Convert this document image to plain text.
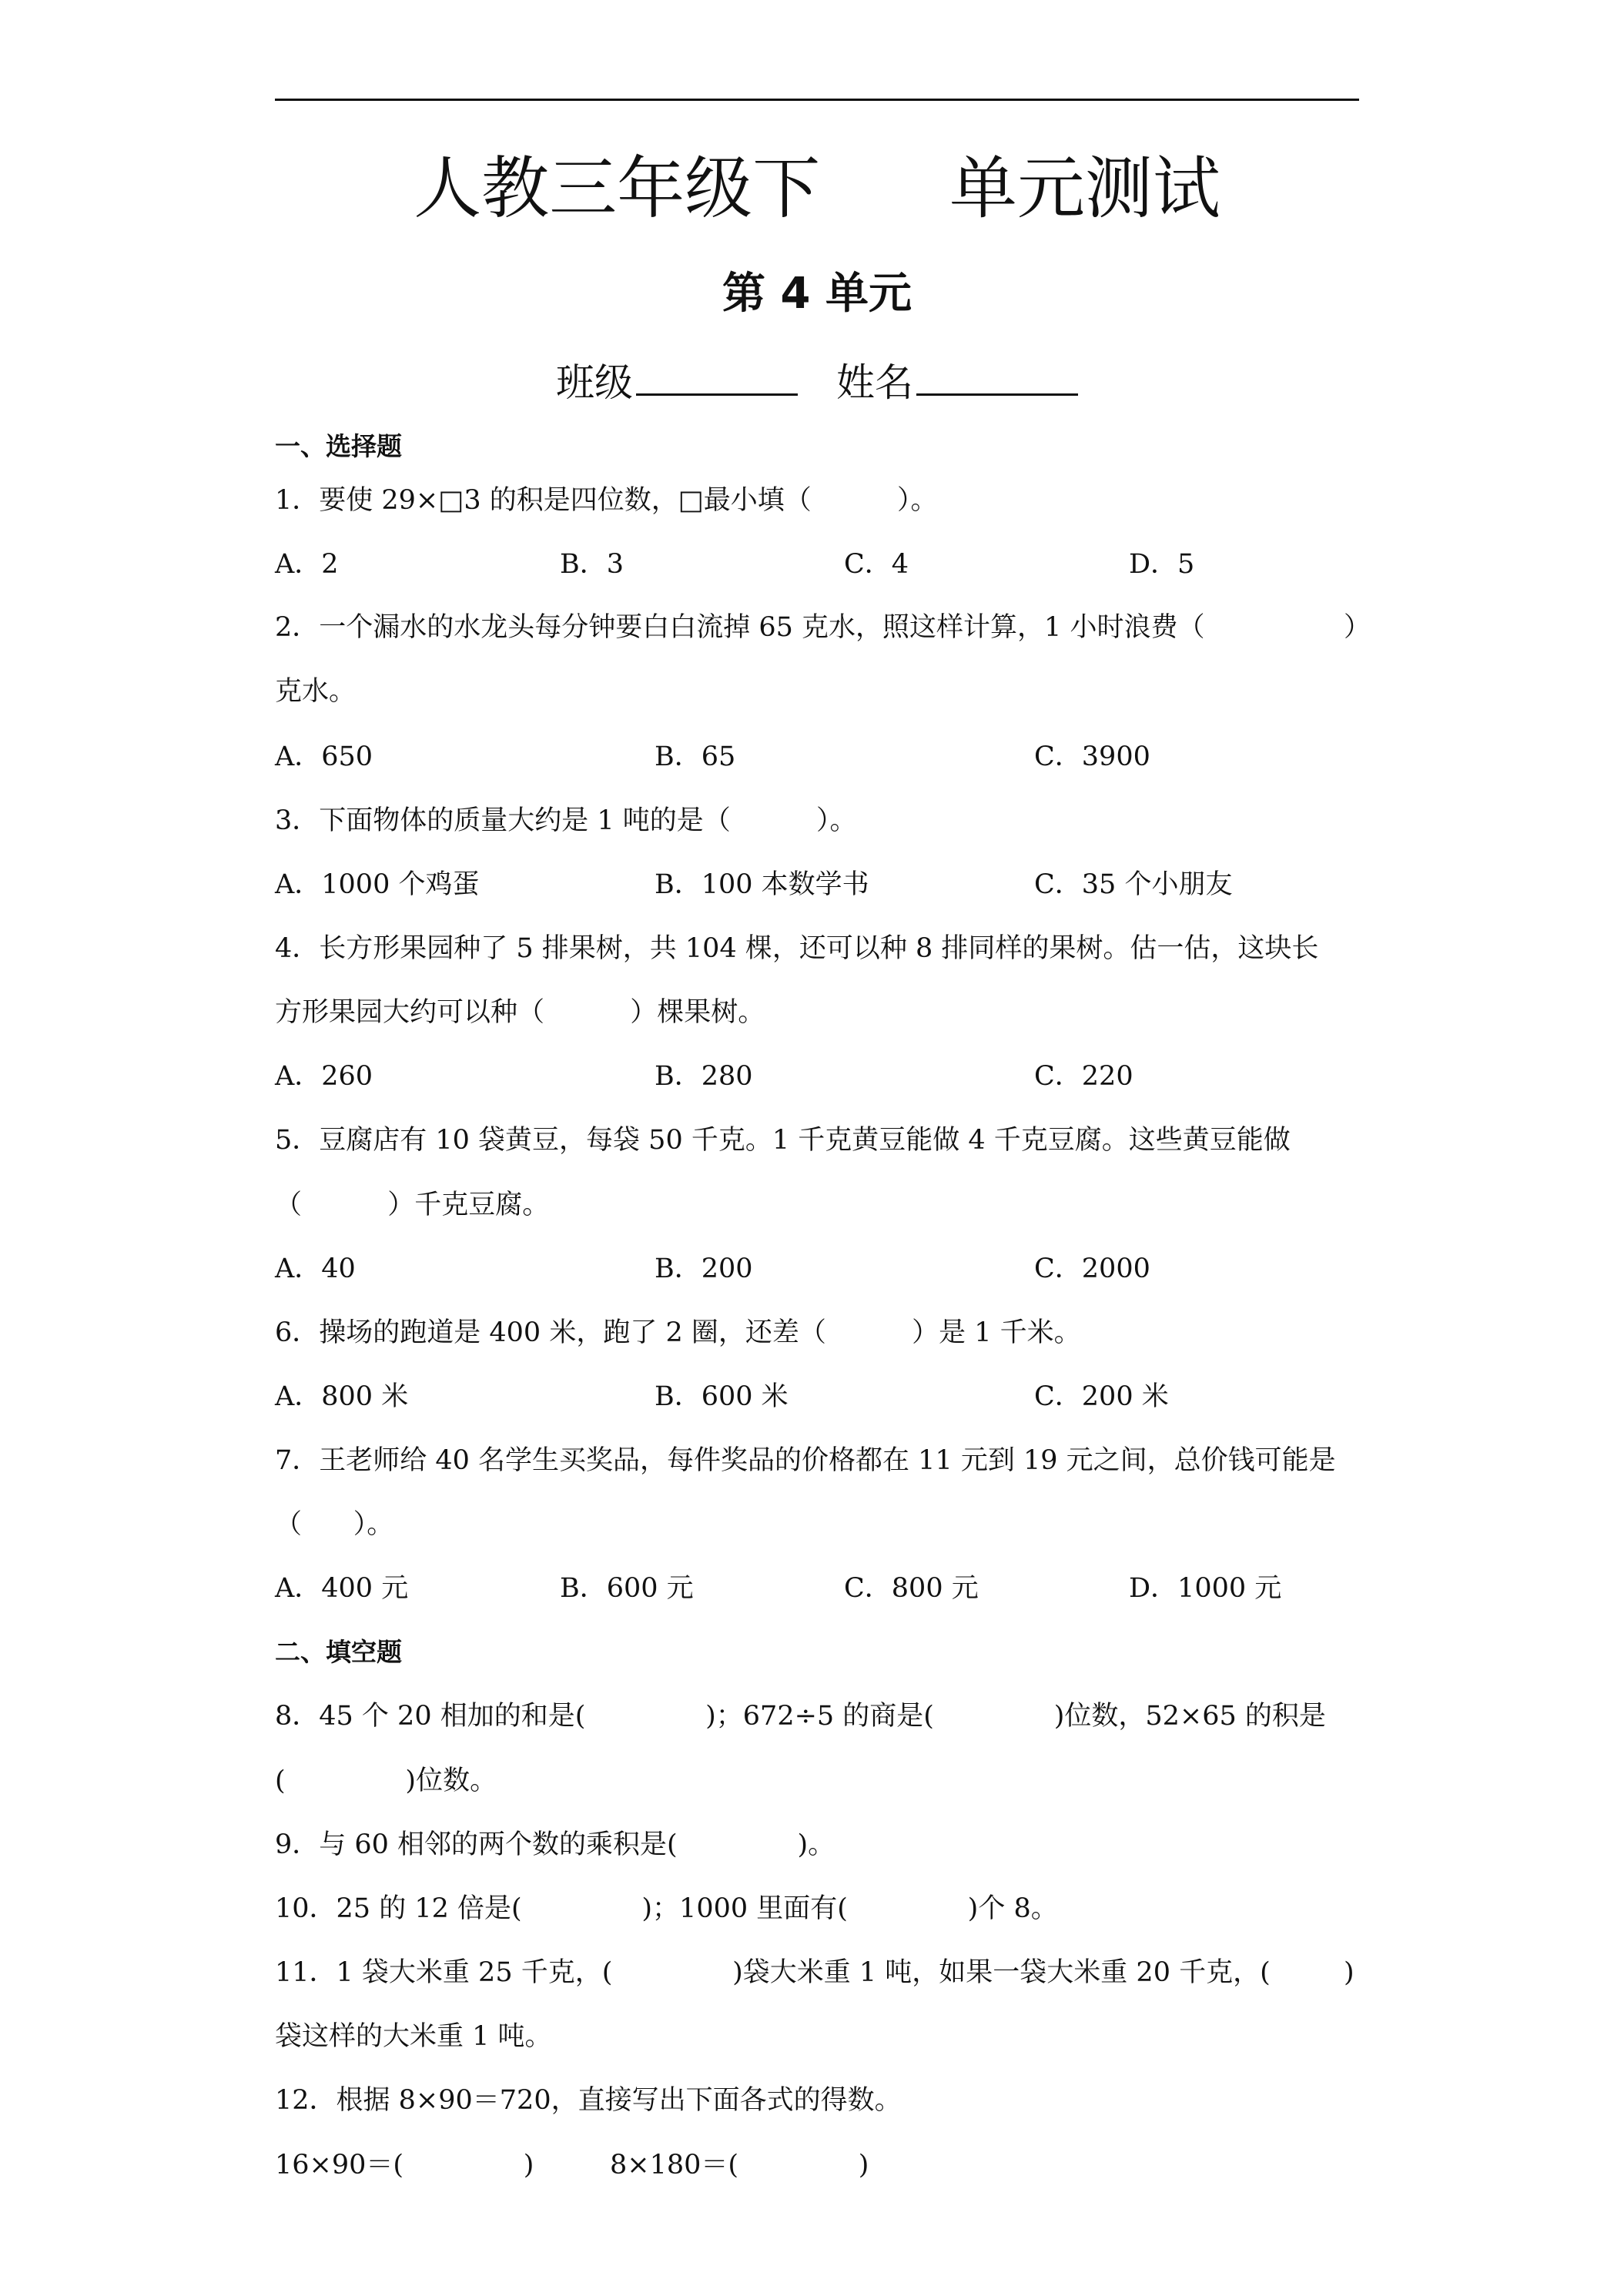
人教三年级下      单元测试
第 4 单元
班级	姓名
一、选择题
1．要使 29×□3 的积是四位数，□最小填（          ）。
A．2	B．3	C．4	D．5
2．一个漏水的水龙头每分钟要白白流掉 65 克水，照这样计算，1 小时浪费（	）
克水。
A．650	B．65	C．3900
3．下面物体的质量大约是 1 吨的是（          ）。
A．1000 个鸡蛋	B．100 本数学书	C．35 个小朋友
4．长方形果园种了 5 排果树，共 104 棵，还可以种 8 排同样的果树。估一估，这块长
方形果园大约可以种（          ）棵果树。
A．260	B．280	C．220
5．豆腐店有 10 袋黄豆，每袋 50 千克。1 千克黄豆能做 4 千克豆腐。这些黄豆能做
（          ）千克豆腐。
A．40	B．200	C．2000
6．操场的跑道是 400 米，跑了 2 圈，还差（          ）是 1 千米。
A．800 米	B．600 米	C．200 米
7．王老师给 40 名学生买奖品，每件奖品的价格都在 11 元到 19 元之间，总价钱可能是
（      ）。
A．400 元	B．600 元	C．800 元	D．1000 元
二、填空题
8．45 个 20 相加的和是(              )；672÷5 的商是(              )位数，52×65 的积是
(              )位数。
9．与 60 相邻的两个数的乘积是(              )。
10．25 的 12 倍是(              )；1000 里面有(              )个 8。
11．1 袋大米重 25 千克，(              )袋大米重 1 吨，如果一袋大米重 20 千克，(	)
袋这样的大米重 1 吨。
12．根据 8×90＝720，直接写出下面各式的得数。
16×90＝(              )	8×180＝(              )
